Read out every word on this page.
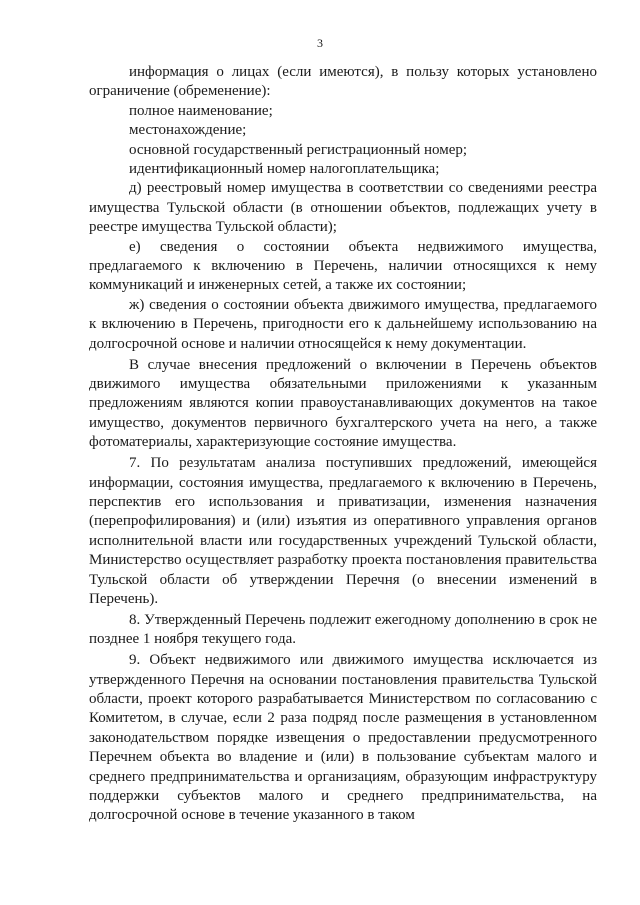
3

информация о лицах (если имеются), в пользу которых установлено ограничение (обременение):

полное наименование;

местонахождение;

основной государственный регистрационный номер;

идентификационный номер налогоплательщика;

д) реестровый номер имущества в соответствии со сведениями реестра имущества Тульской области (в отношении объектов, подлежащих учету в реестре имущества Тульской области);

е) сведения о состоянии объекта недвижимого имущества, предлагаемого к включению в Перечень, наличии относящихся к нему коммуникаций и инженерных сетей, а также их состоянии;

ж) сведения о состоянии объекта движимого имущества, предлагаемого к включению в Перечень, пригодности его к дальнейшему использованию на долгосрочной основе и наличии относящейся к нему документации.

В случае внесения предложений о включении в Перечень объектов движимого имущества обязательными приложениями к указанным предложениям являются копии правоустанавливающих документов на такое имущество, документов первичного бухгалтерского учета на него, а также фотоматериалы, характеризующие состояние имущества.

7. По результатам анализа поступивших предложений, имеющейся информации, состояния имущества, предлагаемого к включению в Перечень, перспектив его использования и приватизации, изменения назначения (перепрофилирования) и (или) изъятия из оперативного управления органов исполнительной власти или государственных учреждений Тульской области, Министерство осуществляет разработку проекта постановления правительства Тульской области об утверждении Перечня (о внесении изменений в Перечень).

8. Утвержденный Перечень подлежит ежегодному дополнению в срок не позднее 1 ноября текущего года.

9. Объект недвижимого или движимого имущества исключается из утвержденного Перечня на основании постановления правительства Тульской области, проект которого разрабатывается Министерством по согласованию с Комитетом, в случае, если 2 раза подряд после размещения в установленном законодательством порядке извещения о предоставлении предусмотренного Перечнем объекта во владение и (или) в пользование субъектам малого и среднего предпринимательства и организациям, образующим инфраструктуру поддержки субъектов малого и среднего предпринимательства, на долгосрочной основе в течение указанного в таком
